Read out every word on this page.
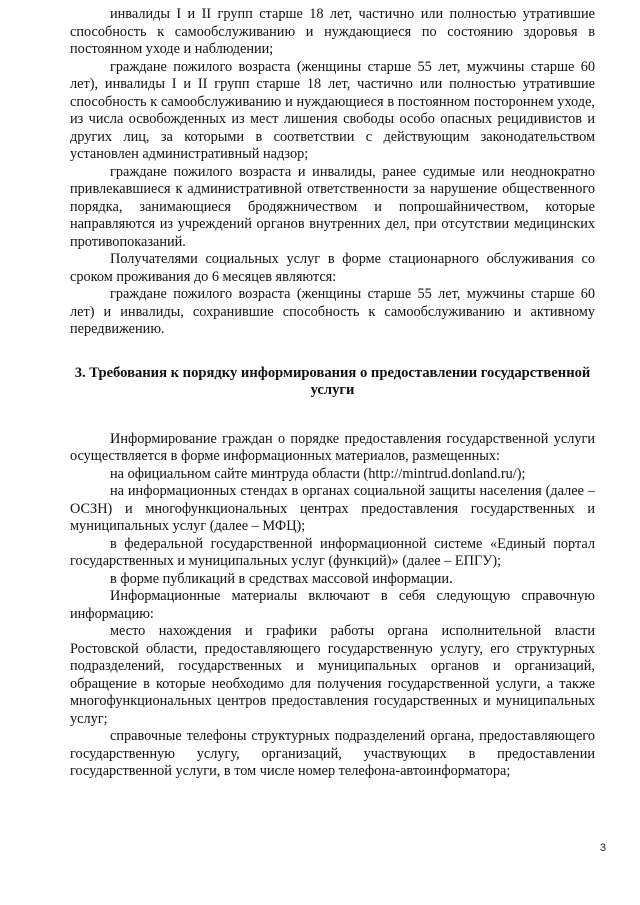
инвалиды I и II групп старше 18 лет, частично или полностью утратившие способность к самообслуживанию и нуждающиеся по состоянию здоровья в постоянном уходе и наблюдении;

граждане пожилого возраста (женщины старше 55 лет, мужчины старше 60 лет), инвалиды I и II групп старше 18 лет, частично или полностью утратившие способность к самообслуживанию и нуждающиеся в постоянном постороннем уходе, из числа освобожденных из мест лишения свободы особо опасных рецидивистов и других лиц, за которыми в соответствии с действующим законодательством установлен административный надзор;

граждане пожилого возраста и инвалиды, ранее судимые или неоднократно привлекавшиеся к административной ответственности за нарушение общественного порядка, занимающиеся бродяжничеством и попрошайничеством, которые направляются из учреждений органов внутренних дел, при отсутствии медицинских противопоказаний.

Получателями социальных услуг в форме стационарного обслуживания со сроком проживания до 6 месяцев являются:

граждане пожилого возраста (женщины старше 55 лет, мужчины старше 60 лет) и инвалиды, сохранившие способность к самообслуживанию и активному передвижению.

3. Требования к порядку информирования о предоставлении государственной услуги

Информирование граждан о порядке предоставления государственной услуги осуществляется в форме информационных материалов, размещенных:

на официальном сайте минтруда области (http://mintrud.donland.ru/);

на информационных стендах в органах социальной защиты населения (далее – ОСЗН) и многофункциональных центрах предоставления государственных и муниципальных услуг (далее – МФЦ);

в федеральной государственной информационной системе «Единый портал государственных и муниципальных услуг (функций)» (далее – ЕПГУ);

в форме публикаций в средствах массовой информации.

Информационные материалы включают в себя следующую справочную информацию:

место нахождения и графики работы органа исполнительной власти Ростовской области, предоставляющего государственную услугу, его структурных подразделений, государственных и муниципальных органов и организаций, обращение в которые необходимо для получения государственной услуги, а также многофункциональных центров предоставления государственных и муниципальных услуг;

справочные телефоны структурных подразделений органа, предоставляющего государственную услугу, организаций, участвующих в предоставлении государственной услуги, в том числе номер телефона-автоинформатора;

3
